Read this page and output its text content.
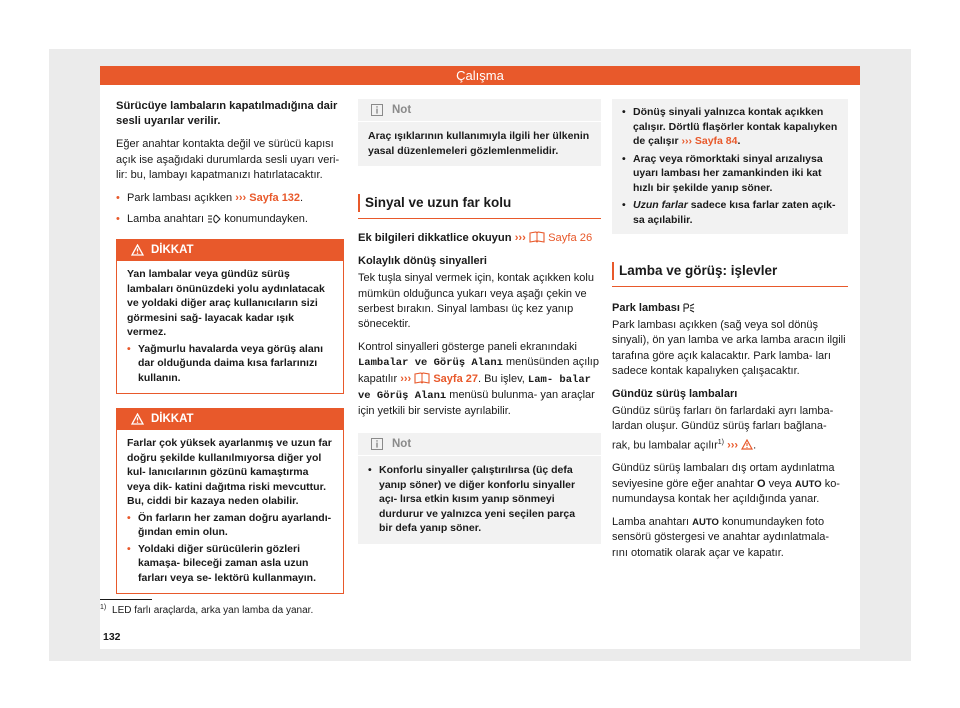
Çalışma

Sürücüye lambaların kapatılmadığına dair sesli uyarılar verilir.

Eğer anahtar kontakta değil ve sürücü kapısı açık ise aşağıdaki durumlarda sesli uyarı veri- lir: bu, lambayı kapatmanızı hatırlatacaktır.

• Park lambası açıkken ››› Sayfa 132.
• Lamba anahtarı konumundayken.
DİKKAT
Yan lambalar veya gündüz sürüş lambaları önünüzdeki yolu aydınlatacak ve yoldaki diğer araç kullanıcıların sizi görmesini sağ- layacak kadar ışık vermez.
• Yağmurlu havalarda veya görüş alanı dar olduğunda daima kısa farlarınızı kullanın.
DİKKAT
Farlar çok yüksek ayarlanmış ve uzun far doğru şekilde kullanılmıyorsa diğer yol kul- lanıcılarının gözünü kamaştırma veya dik- katini dağıtma riski mevcuttur. Bu, ciddi bir kazaya neden olabilir.
• Ön farların her zaman doğru ayarlandı- ğından emin olun.
• Yoldaki diğer sürücülerin gözleri kamaşa- bileceği zaman asla uzun farları veya se- lektörü kullanmayın.
Not
Araç ışıklarının kullanımıyla ilgili her ülkenin yasal düzenlemeleri gözlemlenmelidir.
Sinyal ve uzun far kolu

Ek bilgileri dikkatlice okuyun ››› Sayfa 26

Kolaylık dönüş sinyalleri

Tek tuşla sinyal vermek için, kontak açıkken kolu mümkün olduğunca yukarı veya aşağı çekin ve serbest bırakın. Sinyal lambası üç kez yanıp sönecektir.

Kontrol sinyalleri gösterge paneli ekranındaki Lambalar ve Görüş Alanı menüsünden açılıp kapatılır ››› Sayfa 27. Bu işlev, Lam- balar ve Görüş Alanı menüsü bulunma- yan araçlar için yetkili bir serviste ayrılabilir.

Not
• Konforlu sinyaller çalıştırılırsa (üç defa yanıp söner) ve diğer konforlu sinyaller açı- lırsa etkin kısım yanıp sönmeyi durdurur ve yalnızca yeni seçilen parça bir defa yanıp söner.
• Dönüş sinyali yalnızca kontak açıkken çalışır. Dörtlü flaşörler kontak kapalıyken de çalışır ››› Sayfa 84.
• Araç veya römorktaki sinyal arızalıysa uyarı lambası her zamankinden iki kat hızlı bir şekilde yanıp söner.
• Uzun farlar sadece kısa farlar zaten açık- sa açılabilir.
Lamba ve görüş: işlevler

Park lambası

Park lambası açıkken (sağ veya sol dönüş sinyali), ön yan lamba ve arka lamba aracın ilgili tarafına göre açık kalacaktır. Park lamba- ları sadece kontak kapalıyken çalışacaktır.

Gündüz sürüş lambaları

Gündüz sürüş farları ön farlardaki ayrı lamba- lardan oluşur. Gündüz sürüş farları bağlana- rak, bu lambalar açılır$^{1)}$ ››› .

Gündüz sürüş lambaları dış ortam aydınlatma seviyesine göre eğer anahtar O veya AUTO ko- numundaysa kontak her açıldığında yanar.

Lamba anahtarı AUTO konumundayken foto sensörü göstergesi ve anahtar aydınlatmala- rını otomatik olarak açar ve kapatır.

$^{1)}$ LED farlı araçlarda, arka yan lamba da yanar.
132
